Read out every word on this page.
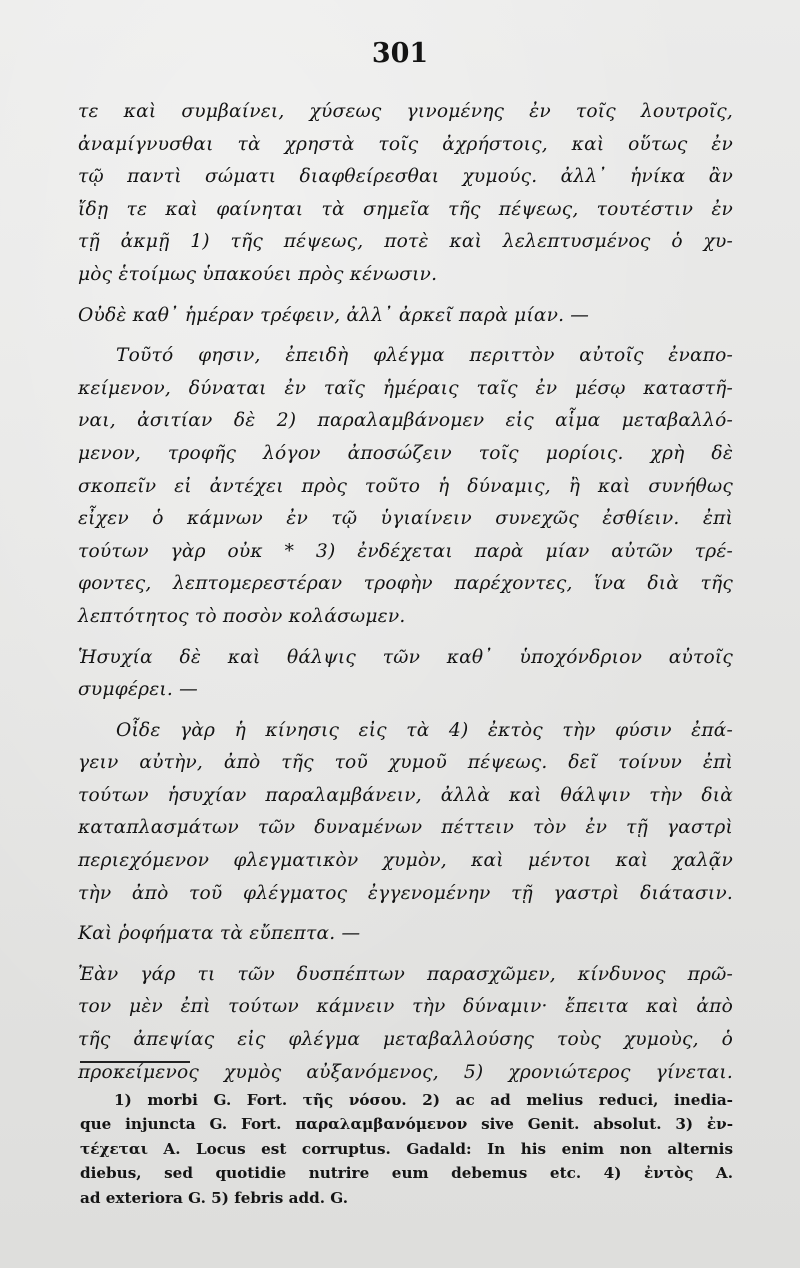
301
τε καὶ συμβαίνει, χύσεως γινομένης ἐν τοῖς λουτροῖς,
ἀναμίγνυσθαι τὰ χρηστὰ τοῖς ἀχρήστοις, καὶ οὕτως ἐν
τῷ παντὶ σώματι διαφθείρεσθαι χυμούς. ἀλλ᾽ ἡνίκα ἂν
ἴδῃ τε καὶ φαίνηται τὰ σημεῖα τῆς πέψεως, τουτέστιν ἐν
τῇ ἀκμῇ 1) τῆς πέψεως, ποτὲ καὶ λελεπτυσμένος ὁ χυ-
μὸς ἑτοίμως ὑπακούει πρὸς κένωσιν.
Οὐδὲ καθ᾽ ἡμέραν τρέφειν, ἀλλ᾽ ἀρκεῖ παρὰ μίαν. —
Τοῦτό φησιν, ἐπειδὴ φλέγμα περιττὸν αὐτοῖς ἐναπο-
κείμενον, δύναται ἐν ταῖς ἡμέραις ταῖς ἐν μέσῳ καταστῆ-
ναι, ἀσιτίαν δὲ 2) παραλαμβάνομεν εἰς αἷμα μεταβαλλό-
μενον, τροφῆς λόγον ἀποσώζειν τοῖς μορίοις. χρὴ δὲ
σκοπεῖν εἰ ἀντέχει πρὸς τοῦτο ἡ δύναμις, ἢ καὶ συνήθως
εἶχεν ὁ κάμνων ἐν τῷ ὑγιαίνειν συνεχῶς ἐσθίειν. ἐπὶ
τούτων γὰρ οὐκ * 3) ἐνδέχεται παρὰ μίαν αὐτῶν τρέ-
φοντες, λεπτομερεστέραν τροφὴν παρέχοντες, ἵνα διὰ τῆς
λεπτότητος τὸ ποσὸν κολάσωμεν.
Ἡσυχία δὲ καὶ θάλψις τῶν καθ᾽ ὑποχόνδριον αὐτοῖς
συμφέρει. —
Οἶδε γὰρ ἡ κίνησις εἰς τὰ 4) ἐκτὸς τὴν φύσιν ἐπά-
γειν αὐτὴν, ἀπὸ τῆς τοῦ χυμοῦ πέψεως. δεῖ τοίνυν ἐπὶ
τούτων ἡσυχίαν παραλαμβάνειν, ἀλλὰ καὶ θάλψιν τὴν διὰ
καταπλασμάτων τῶν δυναμένων πέττειν τὸν ἐν τῇ γαστρὶ
περιεχόμενον φλεγματικὸν χυμὸν, καὶ μέντοι καὶ χαλᾷν
τὴν ἀπὸ τοῦ φλέγματος ἐγγενομένην τῇ γαστρὶ διάτασιν.
Καὶ ῥοφήματα τὰ εὔπεπτα. —
Ἐὰν γάρ τι τῶν δυσπέπτων παρασχῶμεν, κίνδυνος πρῶ-
τον μὲν ἐπὶ τούτων κάμνειν τὴν δύναμιν· ἔπειτα καὶ ἀπὸ
τῆς ἀπεψίας εἰς φλέγμα μεταβαλλούσης τοὺς χυμοὺς, ὁ
προκείμενος χυμὸς αὐξανόμενος, 5) χρονιώτερος γίνεται.
1) morbi G. Fort. τῆς νόσου. 2) ac ad melius reduci, inedia-
que injuncta G. Fort. παραλαμβανόμενον sive Genit. absolut. 3) ἐν-
τέχεται A. Locus est corruptus. Gadald: In his enim non alternis
diebus, sed quotidie nutrire eum debemus etc. 4) ἐντὸς A.
ad exteriora G. 5) febris add. G.
